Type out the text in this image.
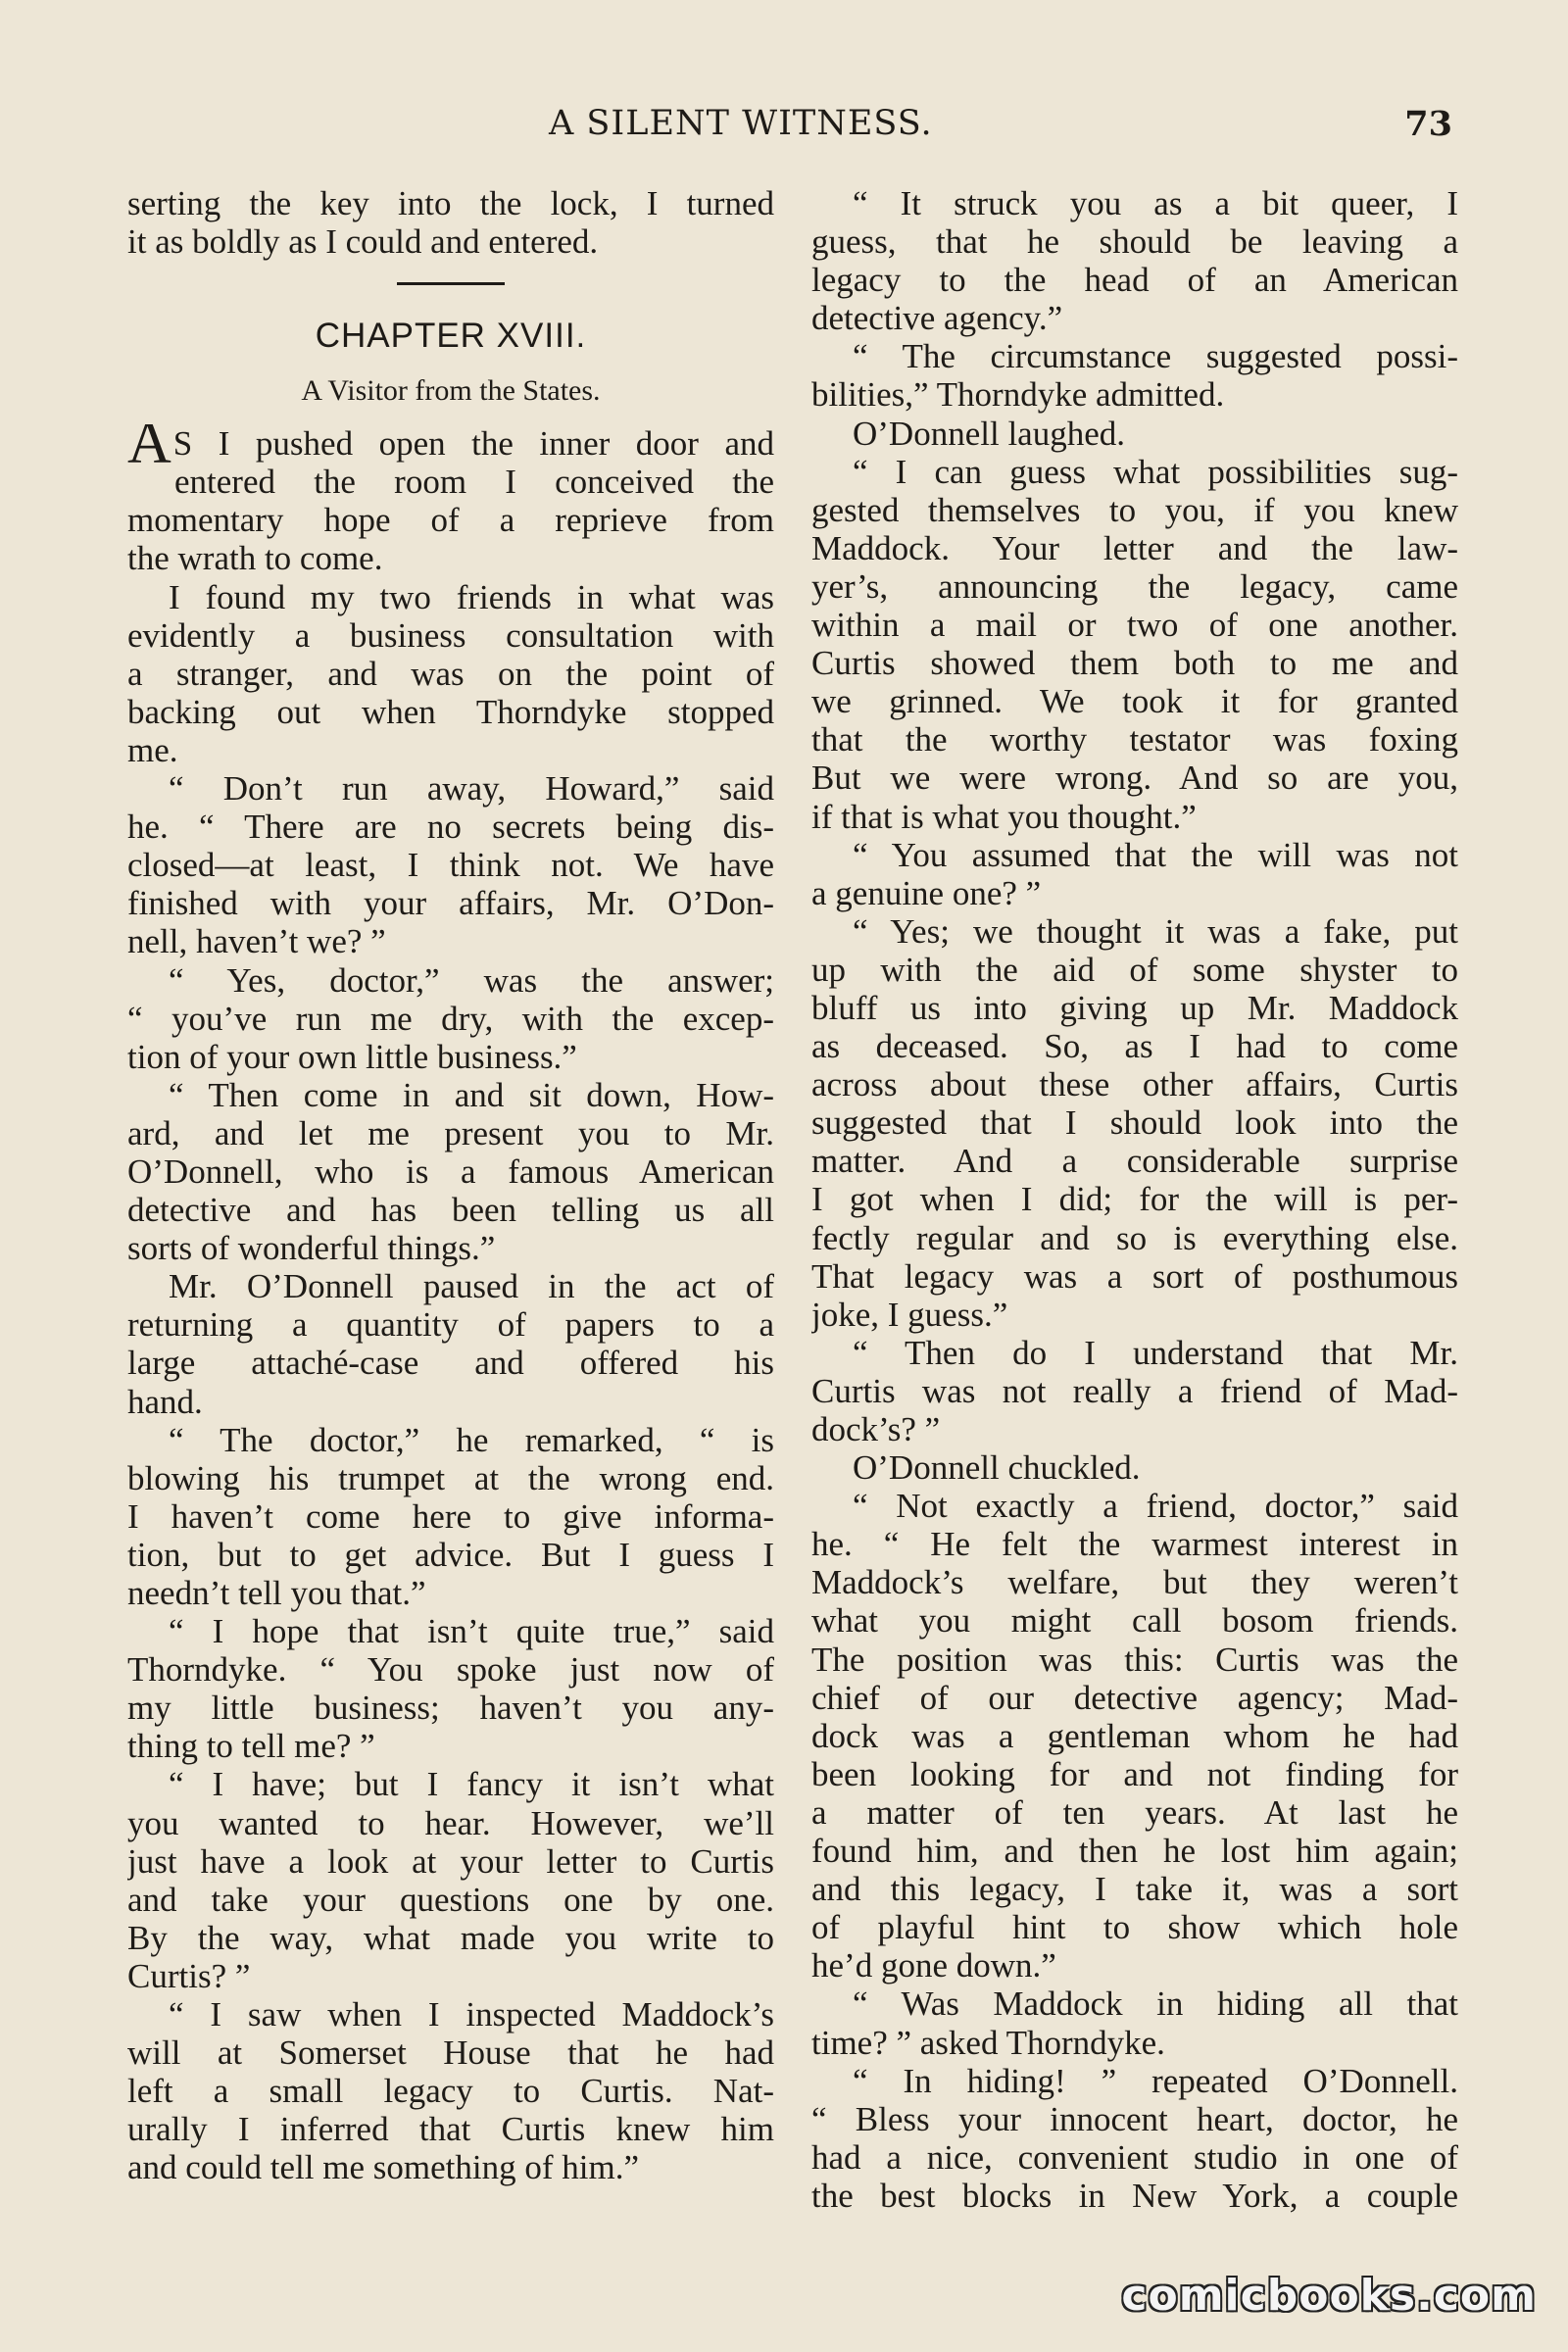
A SILENT WITNESS.	73
serting the key into the lock, I turned
it as boldly as I could and entered.
CHAPTER XVIII.
A Visitor from the States.
AS I pushed open the inner door and
entered the room I conceived the
momentary hope of a reprieve from
the wrath to come.
I found my two friends in what was
evidently a business consultation with
a stranger, and was on the point of
backing out when Thorndyke stopped
me.
“ Don’t run away, Howard,” said
he. “ There are no secrets being dis-
closed—at least, I think not. We have
finished with your affairs, Mr. O’Don-
nell, haven’t we? ”
“ Yes, doctor,” was the answer;
“ you’ve run me dry, with the excep-
tion of your own little business.”
“ Then come in and sit down, How-
ard, and let me present you to Mr.
O’Donnell, who is a famous American
detective and has been telling us all
sorts of wonderful things.”
Mr. O’Donnell paused in the act of
returning a quantity of papers to a
large attaché-case and offered his
hand.
“ The doctor,” he remarked, “ is
blowing his trumpet at the wrong end.
I haven’t come here to give informa-
tion, but to get advice. But I guess I
needn’t tell you that.”
“ I hope that isn’t quite true,” said
Thorndyke. “ You spoke just now of
my little business; haven’t you any-
thing to tell me? ”
“ I have; but I fancy it isn’t what
you wanted to hear. However, we’ll
just have a look at your letter to Curtis
and take your questions one by one.
By the way, what made you write to
Curtis? ”
“ I saw when I inspected Maddock’s
will at Somerset House that he had
left a small legacy to Curtis. Nat-
urally I inferred that Curtis knew him
and could tell me something of him.”
“ It struck you as a bit queer, I
guess, that he should be leaving a
legacy to the head of an American
detective agency.”
“ The circumstance suggested possi-
bilities,” Thorndyke admitted.
O’Donnell laughed.
“ I can guess what possibilities sug-
gested themselves to you, if you knew
Maddock. Your letter and the law-
yer’s, announcing the legacy, came
within a mail or two of one another.
Curtis showed them both to me and
we grinned. We took it for granted
that the worthy testator was foxing
But we were wrong. And so are you,
if that is what you thought.”
“ You assumed that the will was not
a genuine one? ”
“ Yes; we thought it was a fake, put
up with the aid of some shyster to
bluff us into giving up Mr. Maddock
as deceased. So, as I had to come
across about these other affairs, Curtis
suggested that I should look into the
matter. And a considerable surprise
I got when I did; for the will is per-
fectly regular and so is everything else.
That legacy was a sort of posthumous
joke, I guess.”
“ Then do I understand that Mr.
Curtis was not really a friend of Mad-
dock’s? ”
O’Donnell chuckled.
“ Not exactly a friend, doctor,” said
he. “ He felt the warmest interest in
Maddock’s welfare, but they weren’t
what you might call bosom friends.
The position was this: Curtis was the
chief of our detective agency; Mad-
dock was a gentleman whom he had
been looking for and not finding for
a matter of ten years. At last he
found him, and then he lost him again;
and this legacy, I take it, was a sort
of playful hint to show which hole
he’d gone down.”
“ Was Maddock in hiding all that
time? ” asked Thorndyke.
“ In hiding! ” repeated O’Donnell.
“ Bless your innocent heart, doctor, he
had a nice, convenient studio in one of
the best blocks in New York, a couple
comicbooks.com
